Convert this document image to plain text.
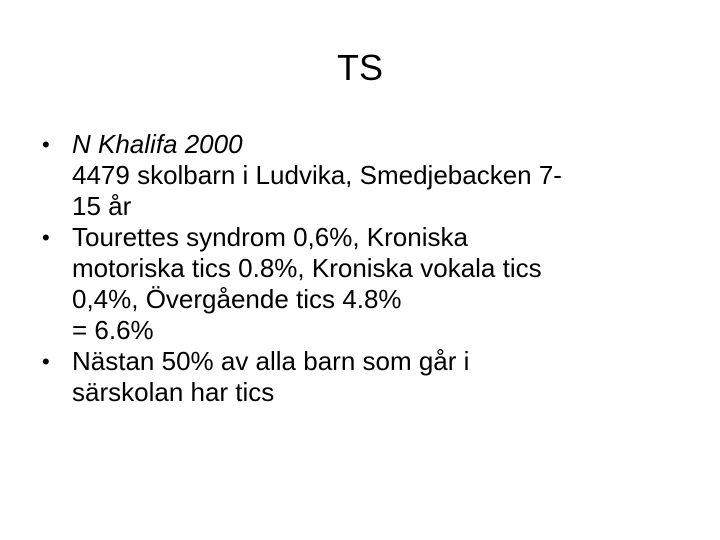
TS
• N Khalifa 2000
4479 skolbarn i Ludvika, Smedjebacken 7-
15 år
• Tourettes syndrom 0,6%, Kroniska
motoriska tics 0.8%, Kroniska vokala tics
0,4%, Övergående tics 4.8%
= 6.6%
• Nästan 50% av alla barn som går i
särskolan har tics
